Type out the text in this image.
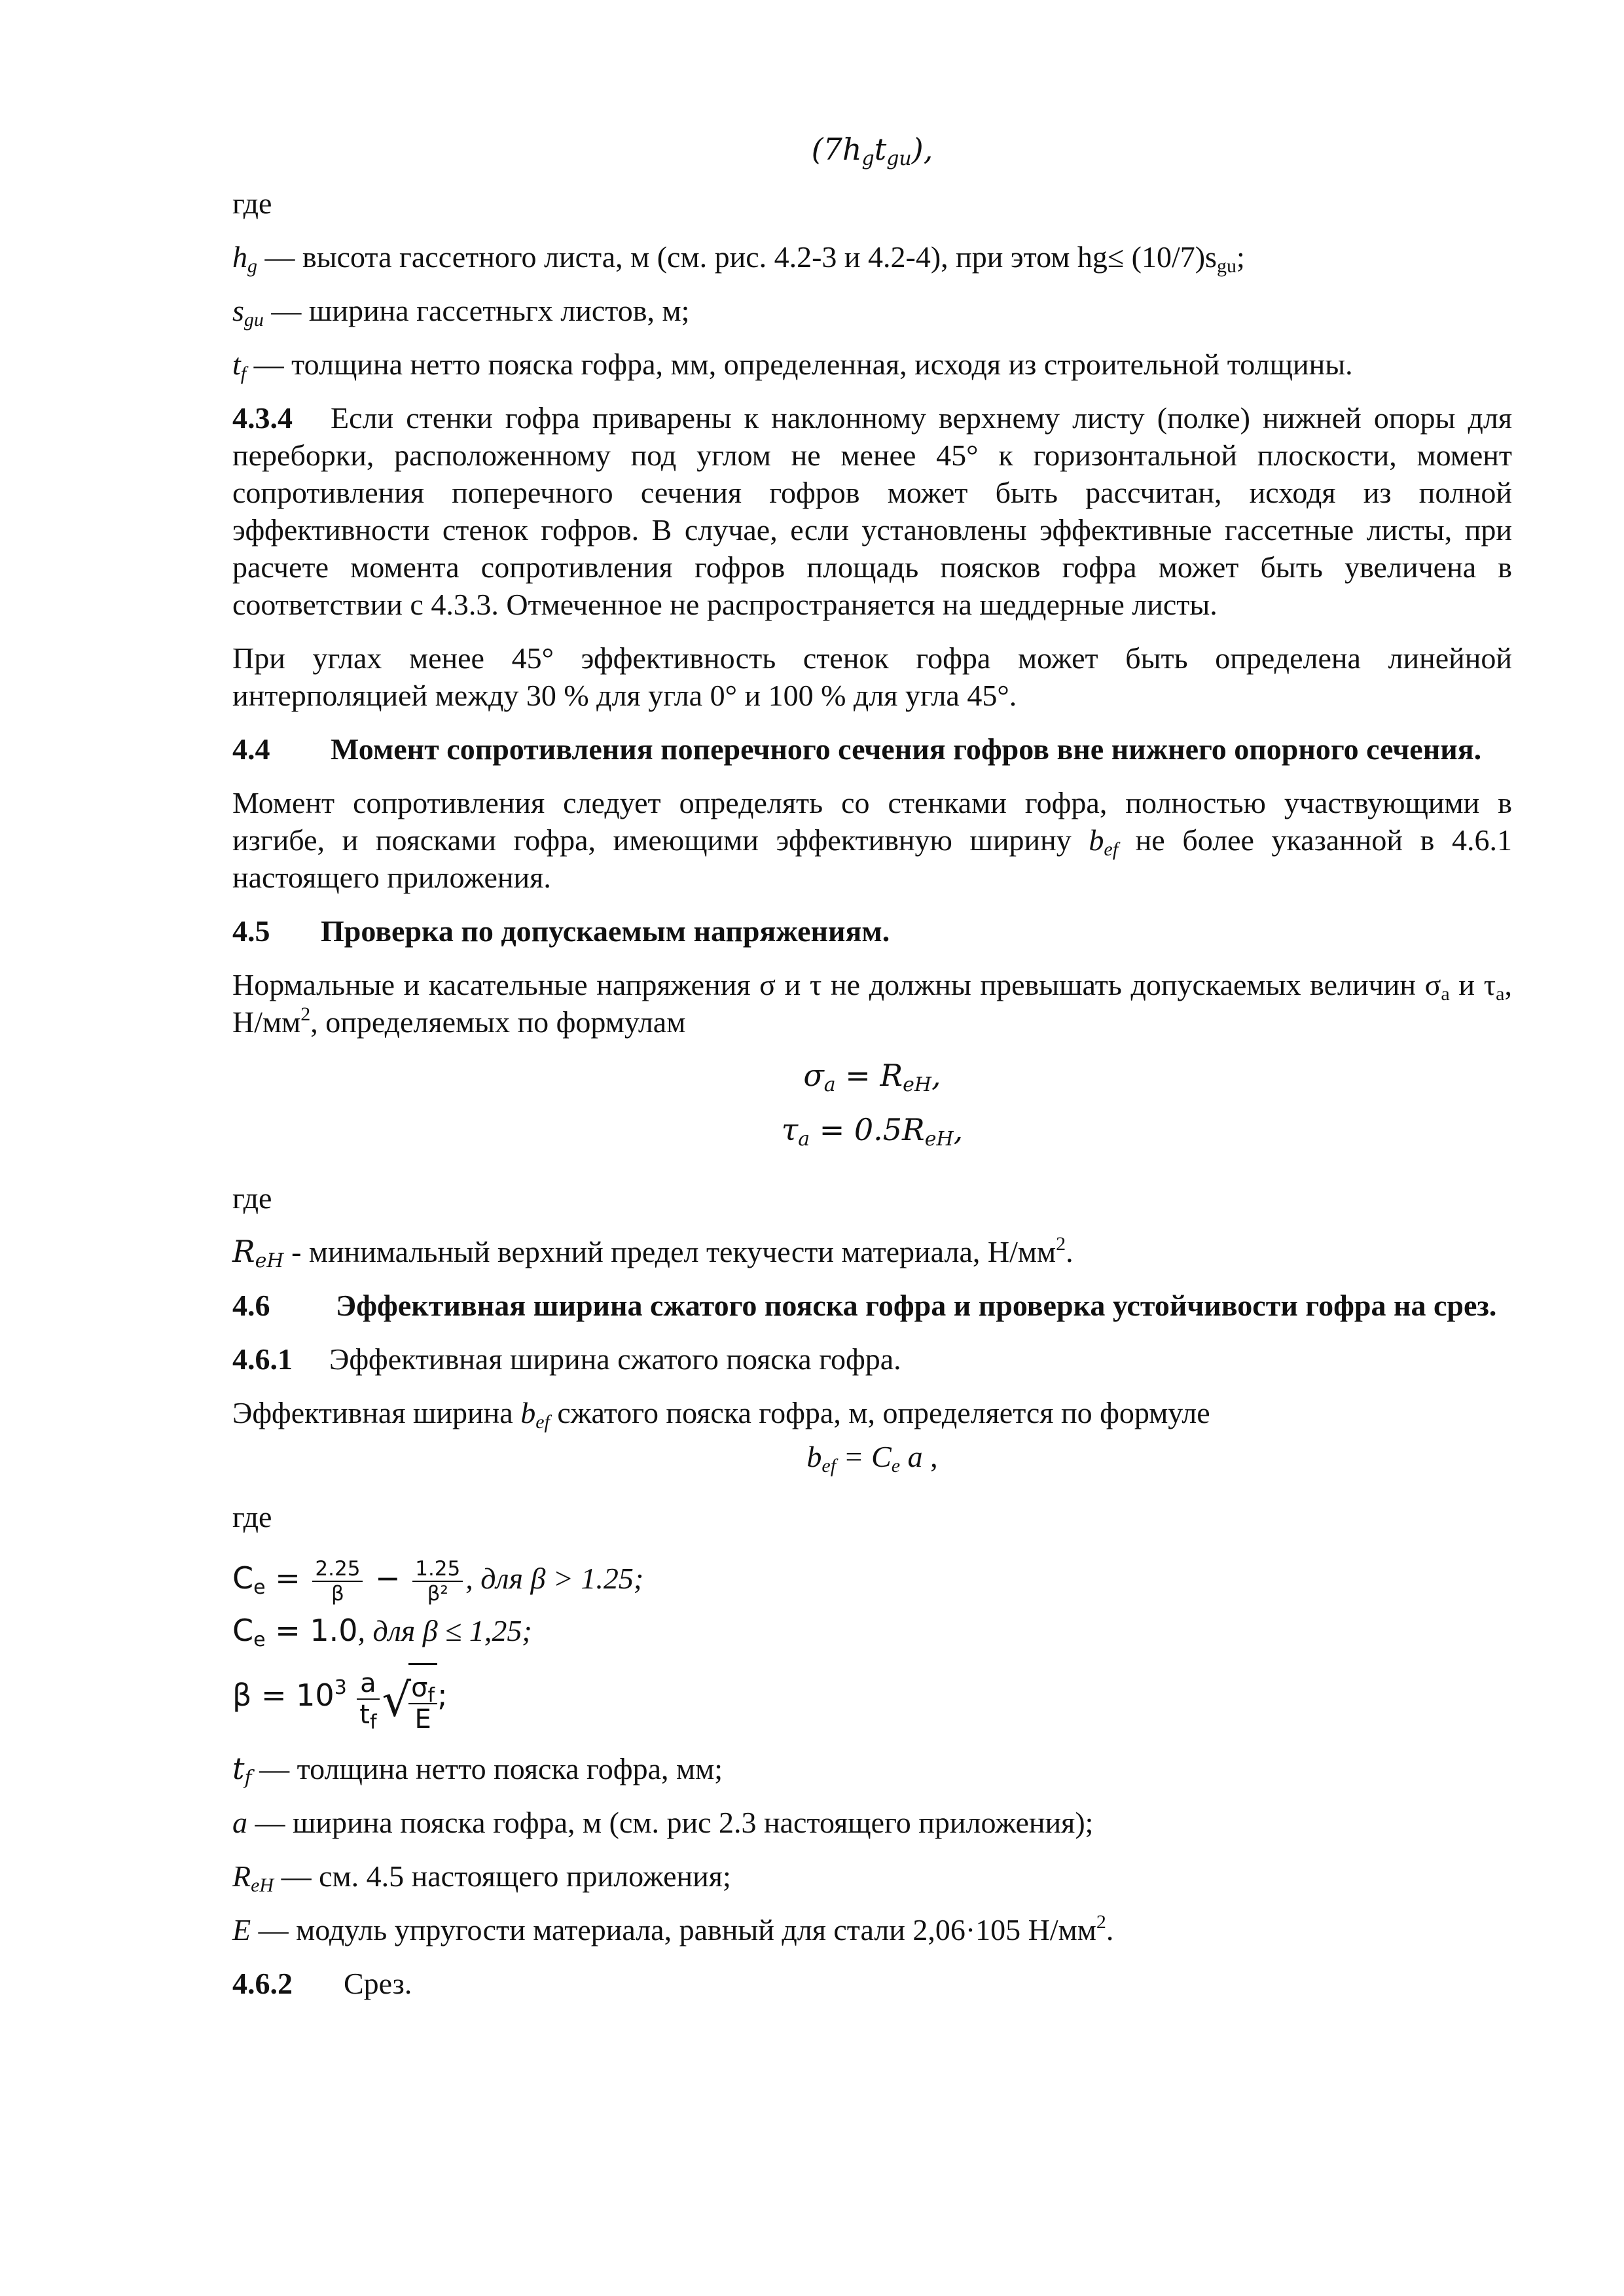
$(7h_gt_{gu})$,

где

$h_g$ — высота гассетного листа, м (см. рис. 4.2-3 и 4.2-4), при этом $hg\le (10/7)s_{gu}$;

$s_{gu}$ — ширина гассетньгх листов, м;

$t_f$ — толщина нетто пояска гофра, мм, определенная, исходя из строительной толщины.

4.3.4 Если стенки гофра приварены к наклонному верхнему листу (полке) нижней опоры для переборки, расположенному под углом не менее 45° к горизонтальной плоскости, момент сопротивления поперечного сечения гофров может быть рассчитан, исходя из полной эффективности стенок гофров. В случае, если установлены эффективные гассетные листы, при расчете момента сопротивления гофров площадь поясков гофра может быть увеличена в соответствии с 4.3.3. Отмеченное не распространяется на шеддерные листы.

При углах менее 45° эффективность стенок гофра может быть определена линейной интерполяцией между 30 % для угла 0° и 100 % для угла 45°.

4.4 Момент сопротивления поперечного сечения гофров вне нижнего опорного сечения.

Момент сопротивления следует определять со стенками гофра, полностью участвующими в изгибе, и поясками гофра, имеющими эффективную ширину $b_{ef}$ не более указанной в 4.6.1 настоящего приложения.

4.5 Проверка по допускаемым напряжениям.

Нормальные и касательные напряжения σ и τ не должны превышать допускаемых величин $\sigma_a$ и $\tau_a$, $Н/мм^2$, определяемых по формулам

$\sigma_a = R_{eH}$,

$\tau_a = 0.5R_{eH}$,

где

$R_{eH}$ - минимальный верхний предел текучести материала, $Н/мм^2$.

4.6 Эффективная ширина сжатого пояска гофра и проверка устойчивости гофра на срез.

4.6.1 Эффективная ширина сжатого пояска гофра.

Эффективная ширина $b_{ef}$ сжатого пояска гофра, м, определяется по формуле

$b_{ef} = C_e$ a ,

где

$C_e = \frac{2.25}{\beta} - \frac{1.25}{\text{β²}}$ , для β > 1.25;

$C_e = 1.0$, для β ≤ 1,25;

$\beta = 10^3 \frac{a}{t_f}$ √
$\frac{\sigma_f}{E}$ ;

$t_f$ — толщина нетто пояска гофра, мм;

a — ширина пояска гофра, м (см. рис 2.3 настоящего приложения);

$R_{eH}$ — см. 4.5 настоящего приложения;

E — модуль упругости материала, равный для стали 2,06·105 $Н/мм^2$.

4.6.2 Срез.
